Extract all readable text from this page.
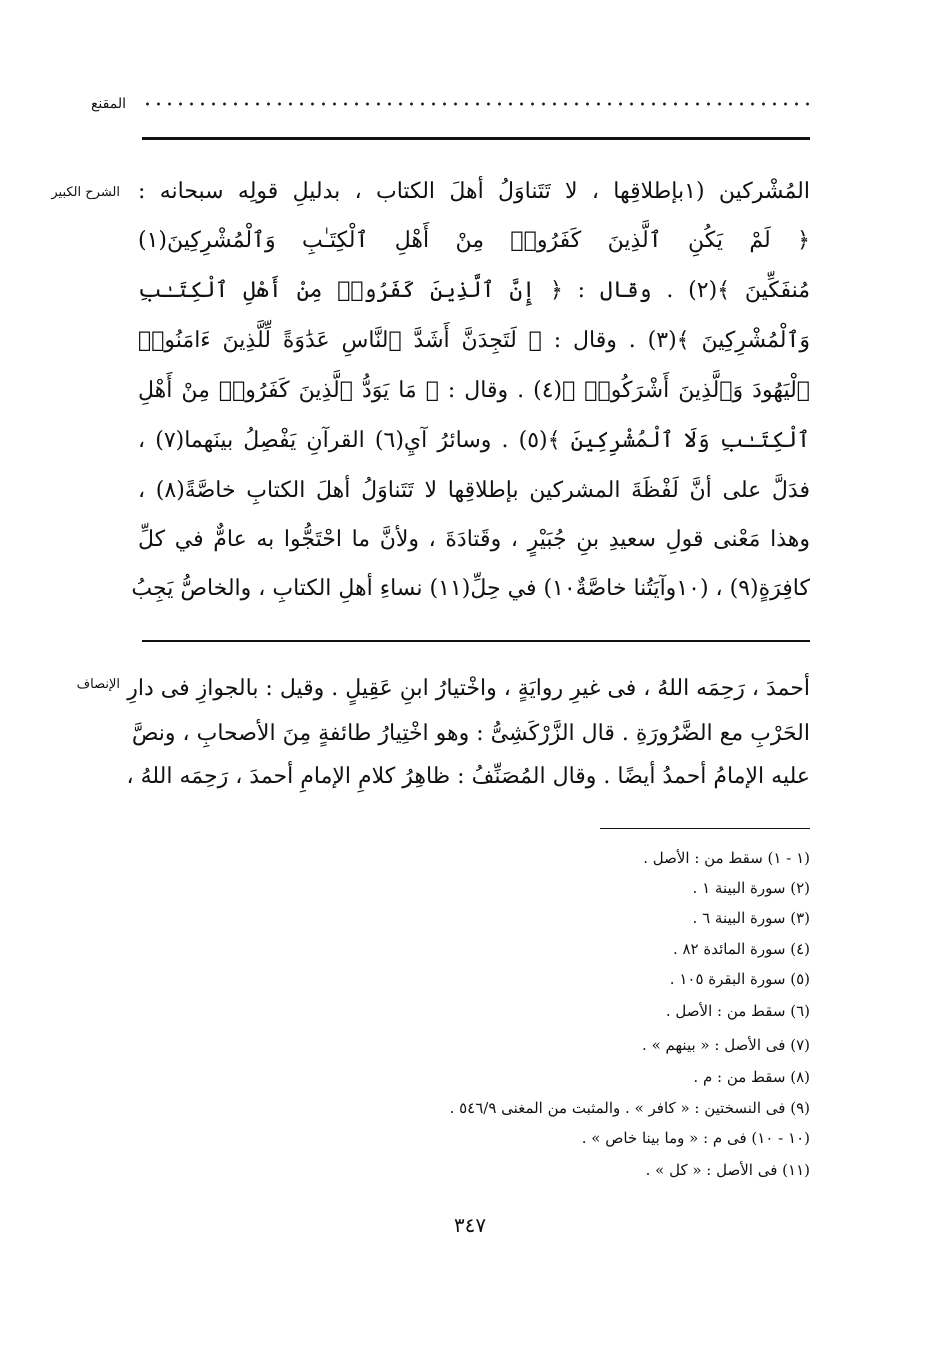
المقنع
الشرح الكبير المُشْركين (١بإطلاقِها ، لا تَتَناوَلُ أهلَ الكتاب ، بدليلِ قولِه سبحانه :
﴿ لَمْ يَكُنِ ٱلَّذِينَ كَفَرُوا۟ مِنْ أَهْلِ ٱلْكِتَـٰبِ وَٱلْمُشْرِكِينَ(١)
مُنفَكِّينَ ﴾(٢) . وقال : ﴿ إِنَّ ٱلَّذِينَ كَفَرُوا۟ مِنْ أَهْلِ ٱلْكِتَـٰبِ
وَٱلْمُشْرِكِينَ ﴾(٣) . وقال : ﴿ لَتَجِدَنَّ أَشَدَّ ٱلنَّاسِ عَدَٰوَةً لِّلَّذِينَ ءَامَنُوا۟
ٱلْيَهُودَ وَٱلَّذِينَ أَشْرَكُوا۟ ﴾(٤) . وقال : ﴿ مَا يَوَدُّ ٱلَّذِينَ كَفَرُوا۟ مِنْ أَهْلِ
ٱلْكِتَـٰبِ وَلَا ٱلْمُشْرِكِينَ ﴾(٥) . وسائرُ آيِ(٦) القرآنِ يَفْصِلُ بينَهما(٧) ،
فدَلَّ على أنَّ لَفْظَةَ المشركين بإطلاقِها لا تَتَناوَلُ أهلَ الكتابِ خاصَّةً(٨) ،
وهذا مَعْنى قولِ سعيدِ بنِ جُبَيْرٍ ، وقَتادَةَ ، ولأنَّ ما احْتَجُّوا به عامٌّ في كلِّ
كافِرَةٍ(٩) ، (١٠وآيَتُنا خاصَّةٌ١٠) في حِلِّ(١١) نساءِ أهلِ الكتابِ ، والخاصُّ يَجِبُ
الإنصاف أحمدَ ، رَحِمَه اللهُ ، فى غيرِ روايَةٍ ، واخْتيارُ ابنِ عَقِيلٍ . وقيل : بالجوازِ فى دارِ
الحَرْبِ مع الضَّرُورَةِ . قال الزَّرْكَشِىُّ : وهو اخْتِيارُ طائفةٍ مِنَ الأصحابِ ، ونصَّ
عليه الإمامُ أحمدُ أيضًا . وقال المُصَنِّفُ : ظاهِرُ كلامِ الإمامِ أحمدَ ، رَحِمَه اللهُ ،
(١ - ١) سقط من : الأصل .
(٢) سورة البينة ١ .
(٣) سورة البينة ٦ .
(٤) سورة المائدة ٨٢ .
(٥) سورة البقرة ١٠٥ .
(٦) سقط من : الأصل .
(٧) فى الأصل : « بينهم » .
(٨) سقط من : م .
(٩) فى النسختين : « كافر » . والمثبت من المغنى ٥٤٦/٩ .
(١٠ - ١٠) فى م : « وما بينا خاص » .
(١١) فى الأصل : « كل » .
٣٤٧
